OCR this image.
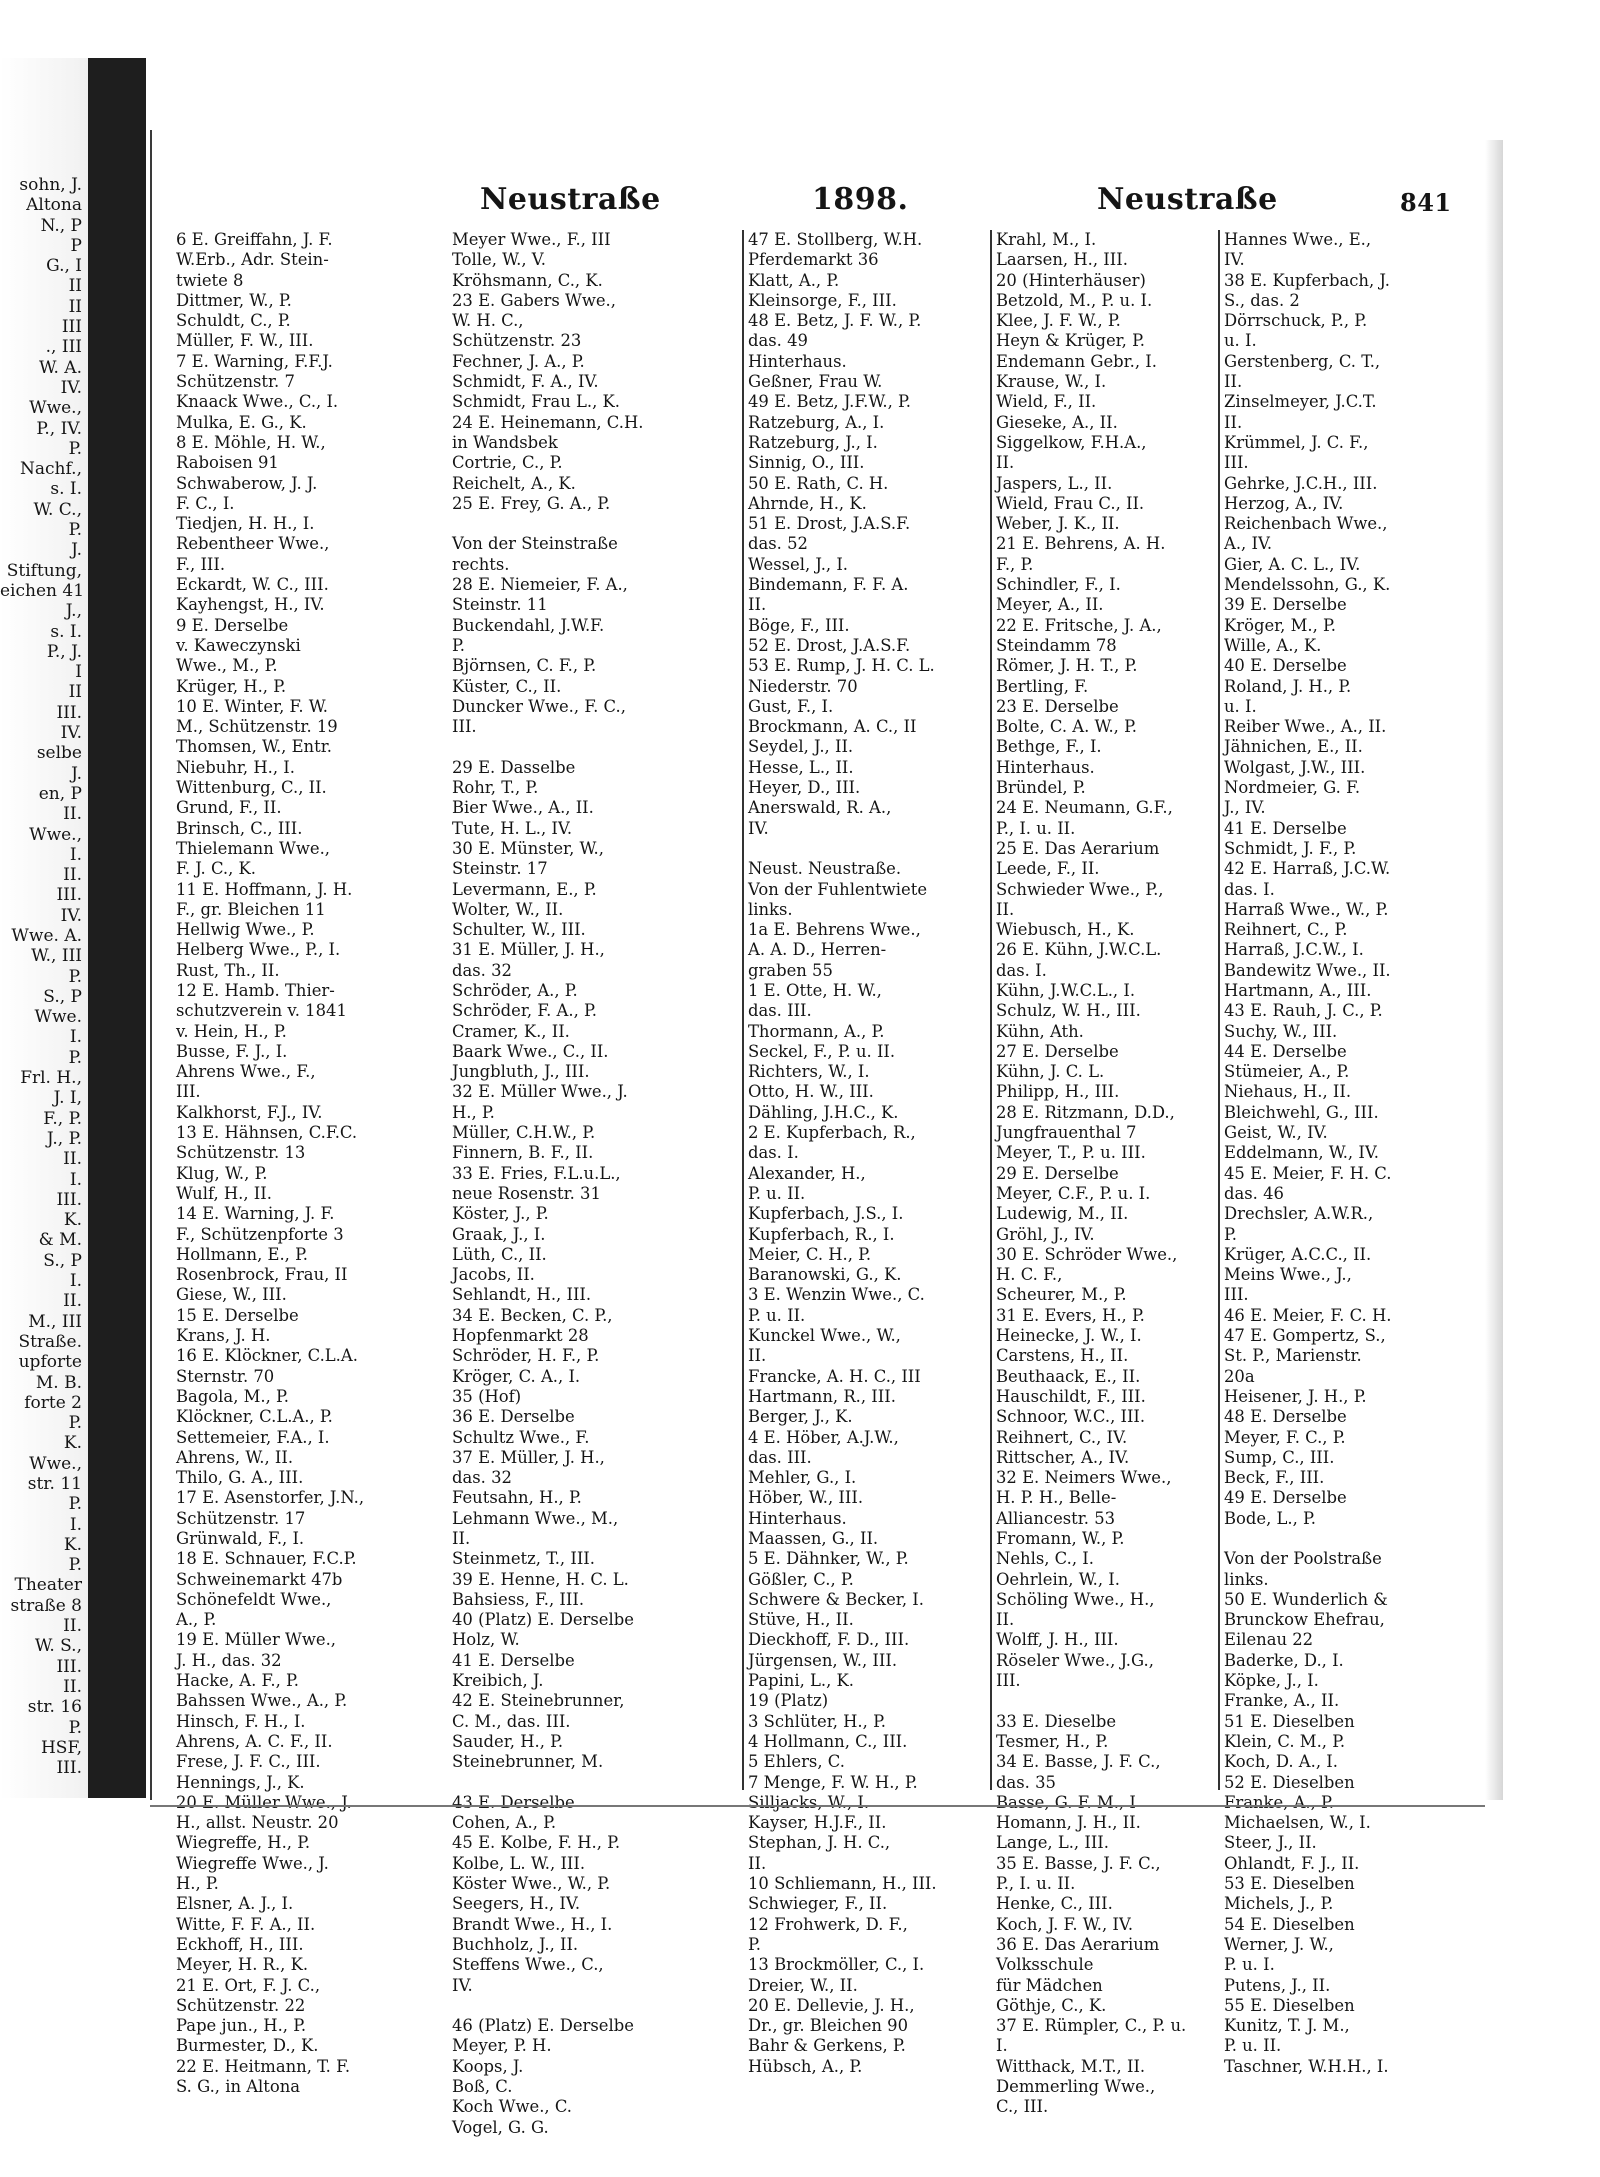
sohn, J.
Altona
N., P
P
G., I
II
II
III
., III
W. A.
IV.
Wwe.,
P., IV.
P.
Nachf.,
s. I.
W. C.,
P.
J.
Stiftung,
eichen 41
J.,
s. I.
P., J.
I
II
III.
IV.
selbe
J.
en, P
II.
Wwe.,
I.
II.
III.
IV.
Wwe. A.
W., III
P.
S., P
Wwe.
I.
P.
Frl. H.,
J. I,
F., P.
J., P.
II.
I.
III.
K.
& M.
S., P
I.
II.
M., III
Straße.
upforte
M. B.
forte 2
P.
K.
Wwe.,
str. 11
P.
I.
K.
P.
Theater
straße 8
II.
W. S.,
III.
II.
str. 16
P.
HSF,
III.
Neustraße	1898.	Neustraße	841
6 E. Greiffahn, J. F.
W.Erb., Adr. Stein-
twiete 8
Dittmer, W., P.
Schuldt, C., P.
Müller, F. W., III.
7 E. Warning, F.F.J.
Schützenstr. 7
Knaack Wwe., C., I.
Mulka, E. G., K.
8 E. Möhle, H. W.,
Raboisen 91
Schwaberow, J. J.
F. C., I.
Tiedjen, H. H., I.
Rebentheer Wwe.,
F., III.
Eckardt, W. C., III.
Kayhengst, H., IV.
9 E. Derselbe
v. Kaweczynski
Wwe., M., P.
Krüger, H., P.
10 E. Winter, F. W.
M., Schützenstr. 19
Thomsen, W., Entr.
Niebuhr, H., I.
Wittenburg, C., II.
Grund, F., II.
Brinsch, C., III.
Thielemann Wwe.,
F. J. C., K.
11 E. Hoffmann, J. H.
F., gr. Bleichen 11
Hellwig Wwe., P.
Helberg Wwe., P., I.
Rust, Th., II.
12 E. Hamb. Thier-
schutzverein v. 1841
v. Hein, H., P.
Busse, F. J., I.
Ahrens Wwe., F.,
III.
Kalkhorst, F.J., IV.
13 E. Hähnsen, C.F.C.
Schützenstr. 13
Klug, W., P.
Wulf, H., II.
14 E. Warning, J. F.
F., Schützenpforte 3
Hollmann, E., P.
Rosenbrock, Frau, II
Giese, W., III.
15 E. Derselbe
Krans, J. H.
16 E. Klöckner, C.L.A.
Sternstr. 70
Bagola, M., P.
Klöckner, C.L.A., P.
Settemeier, F.A., I.
Ahrens, W., II.
Thilo, G. A., III.
17 E. Asenstorfer, J.N.,
Schützenstr. 17
Grünwald, F., I.
18 E. Schnauer, F.C.P.
Schweinemarkt 47b
Schönefeldt Wwe.,
A., P.
19 E. Müller Wwe.,
J. H., das. 32
Hacke, A. F., P.
Bahssen Wwe., A., P.
Hinsch, F. H., I.
Ahrens, A. C. F., II.
Frese, J. F. C., III.
Hennings, J., K.
20 E. Müller Wwe., J.
H., allst. Neustr. 20
Wiegreffe, H., P.
Wiegreffe Wwe., J.
H., P.
Elsner, A. J., I.
Witte, F. F. A., II.
Eckhoff, H., III.
Meyer, H. R., K.
21 E. Ort, F. J. C.,
Schützenstr. 22
Pape jun., H., P.
Burmester, D., K.
22 E. Heitmann, T. F.
S. G., in Altona
Meyer Wwe., F., III
Tolle, W., V.
Kröhsmann, C., K.
23 E. Gabers Wwe.,
W. H. C.,
Schützenstr. 23
Fechner, J. A., P.
Schmidt, F. A., IV.
Schmidt, Frau L., K.
24 E. Heinemann, C.H.
in Wandsbek
Cortrie, C., P.
Reichelt, A., K.
25 E. Frey, G. A., P.
Von der Steinstraße
rechts.
28 E. Niemeier, F. A.,
Steinstr. 11
Buckendahl, J.W.F.
P.
Björnsen, C. F., P.
Küster, C., II.
Duncker Wwe., F. C.,
III.
29 E. Dasselbe
Rohr, T., P.
Bier Wwe., A., II.
Tute, H. L., IV.
30 E. Münster, W.,
Steinstr. 17
Levermann, E., P.
Wolter, W., II.
Schulter, W., III.
31 E. Müller, J. H.,
das. 32
Schröder, A., P.
Schröder, F. A., P.
Cramer, K., II.
Baark Wwe., C., II.
Jungbluth, J., III.
32 E. Müller Wwe., J.
H., P.
Müller, C.H.W., P.
Finnern, B. F., II.
33 E. Fries, F.L.u.L.,
neue Rosenstr. 31
Köster, J., P.
Graak, J., I.
Lüth, C., II.
Jacobs, II.
Sehlandt, H., III.
34 E. Becken, C. P.,
Hopfenmarkt 28
Schröder, H. F., P.
Kröger, C. A., I.
35 (Hof)
36 E. Derselbe
Schultz Wwe., F.
37 E. Müller, J. H.,
das. 32
Feutsahn, H., P.
Lehmann Wwe., M.,
II.
Steinmetz, T., III.
39 E. Henne, H. C. L.
Bahsiess, F., III.
40 (Platz) E. Derselbe
Holz, W.
41 E. Derselbe
Kreibich, J.
42 E. Steinebrunner,
C. M., das. III.
Sauder, H., P.
Steinebrunner, M.
43 E. Derselbe
Cohen, A., P.
45 E. Kolbe, F. H., P.
Kolbe, L. W., III.
Köster Wwe., W., P.
Seegers, H., IV.
Brandt Wwe., H., I.
Buchholz, J., II.
Steffens Wwe., C.,
IV.
46 (Platz) E. Derselbe
Meyer, P. H.
Koops, J.
Boß, C.
Koch Wwe., C.
Vogel, G. G.
47 E. Stollberg, W.H.
Pferdemarkt 36
Klatt, A., P.
Kleinsorge, F., III.
48 E. Betz, J. F. W., P.
das. 49
Hinterhaus.
Geßner, Frau W.
49 E. Betz, J.F.W., P.
Ratzeburg, A., I.
Ratzeburg, J., I.
Sinnig, O., III.
50 E. Rath, C. H.
Ahrnde, H., K.
51 E. Drost, J.A.S.F.
das. 52
Wessel, J., I.
Bindemann, F. F. A.
II.
Böge, F., III.
52 E. Drost, J.A.S.F.
53 E. Rump, J. H. C. L.
Niederstr. 70
Gust, F., I.
Brockmann, A. C., II
Seydel, J., II.
Hesse, L., II.
Heyer, D., III.
Anerswald, R. A.,
IV.
Neust. Neustraße.
Von der Fuhlentwiete
links.
1a E. Behrens Wwe.,
A. A. D., Herren-
graben 55
1 E. Otte, H. W.,
das. III.
Thormann, A., P.
Seckel, F., P. u. II.
Richters, W., I.
Otto, H. W., III.
Dähling, J.H.C., K.
2 E. Kupferbach, R.,
das. I.
Alexander, H.,
P. u. II.
Kupferbach, J.S., I.
Kupferbach, R., I.
Meier, C. H., P.
Baranowski, G., K.
3 E. Wenzin Wwe., C.
P. u. II.
Kunckel Wwe., W.,
II.
Francke, A. H. C., III
Hartmann, R., III.
Berger, J., K.
4 E. Höber, A.J.W.,
das. III.
Mehler, G., I.
Höber, W., III.
Hinterhaus.
Maassen, G., II.
5 E. Dähnker, W., P.
Gößler, C., P.
Schwere & Becker, I.
Stüve, H., II.
Dieckhoff, F. D., III.
Jürgensen, W., III.
Papini, L., K.
19 (Platz)
3 Schlüter, H., P.
4 Hollmann, C., III.
5 Ehlers, C.
7 Menge, F. W. H., P.
Silljacks, W., I.
Kayser, H.J.F., II.
Stephan, J. H. C.,
II.
10 Schliemann, H., III.
Schwieger, F., II.
12 Frohwerk, D. F.,
P.
13 Brockmöller, C., I.
Dreier, W., II.
20 E. Dellevie, J. H.,
Dr., gr. Bleichen 90
Bahr & Gerkens, P.
Hübsch, A., P.
Krahl, M., I.
Laarsen, H., III.
20 (Hinterhäuser)
Betzold, M., P. u. I.
Klee, J. F. W., P.
Heyn & Krüger, P.
Endemann Gebr., I.
Krause, W., I.
Wield, F., II.
Gieseke, A., II.
Siggelkow, F.H.A.,
II.
Jaspers, L., II.
Wield, Frau C., II.
Weber, J. K., II.
21 E. Behrens, A. H.
F., P.
Schindler, F., I.
Meyer, A., II.
22 E. Fritsche, J. A.,
Steindamm 78
Römer, J. H. T., P.
Bertling, F.
23 E. Derselbe
Bolte, C. A. W., P.
Bethge, F., I.
Hinterhaus.
Bründel, P.
24 E. Neumann, G.F.,
P., I. u. II.
25 E. Das Aerarium
Leede, F., II.
Schwieder Wwe., P.,
II.
Wiebusch, H., K.
26 E. Kühn, J.W.C.L.
das. I.
Kühn, J.W.C.L., I.
Schulz, W. H., III.
Kühn, Ath.
27 E. Derselbe
Kühn, J. C. L.
Philipp, H., III.
28 E. Ritzmann, D.D.,
Jungfrauenthal 7
Meyer, T., P. u. III.
29 E. Derselbe
Meyer, C.F., P. u. I.
Ludewig, M., II.
Gröhl, J., IV.
30 E. Schröder Wwe.,
H. C. F.,
Scheurer, M., P.
31 E. Evers, H., P.
Heinecke, J. W., I.
Carstens, H., II.
Beuthaack, E., II.
Hauschildt, F., III.
Schnoor, W.C., III.
Reihnert, C., IV.
Rittscher, A., IV.
32 E. Neimers Wwe.,
H. P. H., Belle-
Alliancestr. 53
Fromann, W., P.
Nehls, C., I.
Oehrlein, W., I.
Schöling Wwe., H.,
II.
Wolff, J. H., III.
Röseler Wwe., J.G.,
III.
33 E. Dieselbe
Tesmer, H., P.
34 E. Basse, J. F. C.,
das. 35
Basse, G. F. M., I
Homann, J. H., II.
Lange, L., III.
35 E. Basse, J. F. C.,
P., I. u. II.
Henke, C., III.
Koch, J. F. W., IV.
36 E. Das Aerarium
Volksschule
für Mädchen
Göthje, C., K.
37 E. Rümpler, C., P. u.
I.
Witthack, M.T., II.
Demmerling Wwe.,
C., III.
Hannes Wwe., E.,
IV.
38 E. Kupferbach, J.
S., das. 2
Dörrschuck, P., P.
u. I.
Gerstenberg, C. T.,
II.
Zinselmeyer, J.C.T.
II.
Krümmel, J. C. F.,
III.
Gehrke, J.C.H., III.
Herzog, A., IV.
Reichenbach Wwe.,
A., IV.
Gier, A. C. L., IV.
Mendelssohn, G., K.
39 E. Derselbe
Kröger, M., P.
Wille, A., K.
40 E. Derselbe
Roland, J. H., P.
u. I.
Reiber Wwe., A., II.
Jähnichen, E., II.
Wolgast, J.W., III.
Nordmeier, G. F.
J., IV.
41 E. Derselbe
Schmidt, J. F., P.
42 E. Harraß, J.C.W.
das. I.
Harraß Wwe., W., P.
Reihnert, C., P.
Harraß, J.C.W., I.
Bandewitz Wwe., II.
Hartmann, A., III.
43 E. Rauh, J. C., P.
Suchy, W., III.
44 E. Derselbe
Stümeier, A., P.
Niehaus, H., II.
Bleichwehl, G., III.
Geist, W., IV.
Eddelmann, W., IV.
45 E. Meier, F. H. C.
das. 46
Drechsler, A.W.R.,
P.
Krüger, A.C.C., II.
Meins Wwe., J.,
III.
46 E. Meier, F. C. H.
47 E. Gompertz, S.,
St. P., Marienstr.
20a
Heisener, J. H., P.
48 E. Derselbe
Meyer, F. C., P.
Sump, C., III.
Beck, F., III.
49 E. Derselbe
Bode, L., P.
Von der Poolstraße
links.
50 E. Wunderlich &
Brunckow Ehefrau,
Eilenau 22
Baderke, D., I.
Köpke, J., I.
Franke, A., II.
51 E. Dieselben
Klein, C. M., P.
Koch, D. A., I.
52 E. Dieselben
Franke, A., P.
Michaelsen, W., I.
Steer, J., II.
Ohlandt, F. J., II.
53 E. Dieselben
Michels, J., P.
54 E. Dieselben
Werner, J. W.,
P. u. I.
Putens, J., II.
55 E. Dieselben
Kunitz, T. J. M.,
P. u. II.
Taschner, W.H.H., I.
